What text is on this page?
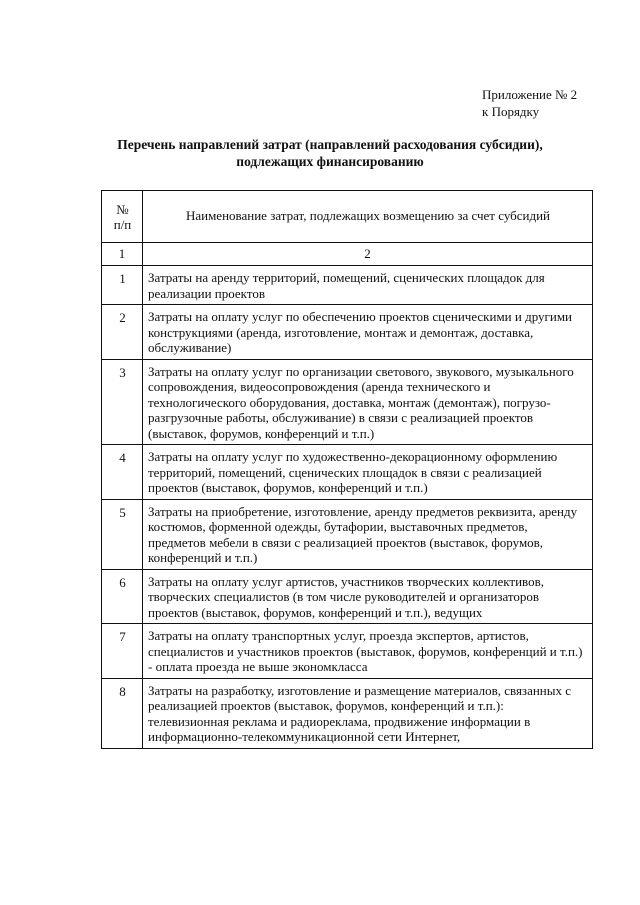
Приложение № 2
к Порядку
Перечень направлений затрат (направлений расходования субсидии),
подлежащих финансированию
№
п/п	Наименование затрат, подлежащих возмещению за счет субсидий
1	2
1	Затраты на аренду территорий, помещений, сценических площадок для реализации проектов
2	Затраты на оплату услуг по обеспечению проектов сценическими и другими конструкциями (аренда, изготовление, монтаж и демонтаж, доставка, обслуживание)
3	Затраты на оплату услуг по организации светового, звукового, музыкального сопровождения, видеосопровождения (аренда технического и технологического оборудования, доставка, монтаж (демонтаж), погрузо-разгрузочные работы, обслуживание) в связи с реализацией проектов (выставок, форумов, конференций и т.п.)
4	Затраты на оплату услуг по художественно-декорационному оформлению территорий, помещений, сценических площадок в связи с реализацией проектов (выставок, форумов, конференций и т.п.)
5	Затраты на приобретение, изготовление, аренду предметов реквизита, аренду костюмов, форменной одежды, бутафории, выставочных предметов, предметов мебели в связи с реализацией проектов (выставок, форумов, конференций и т.п.)
6	Затраты на оплату услуг артистов, участников творческих коллективов, творческих специалистов (в том числе руководителей и организаторов проектов (выставок, форумов, конференций и т.п.), ведущих
7	Затраты на оплату транспортных услуг, проезда экспертов, артистов, специалистов и участников проектов (выставок, форумов, конференций и т.п.) - оплата проезда не выше экономкласса
8	Затраты на разработку, изготовление и размещение материалов, связанных с реализацией проектов (выставок, форумов, конференций и т.п.): телевизионная реклама и радиореклама, продвижение информации в информационно-телекоммуникационной сети Интернет,
